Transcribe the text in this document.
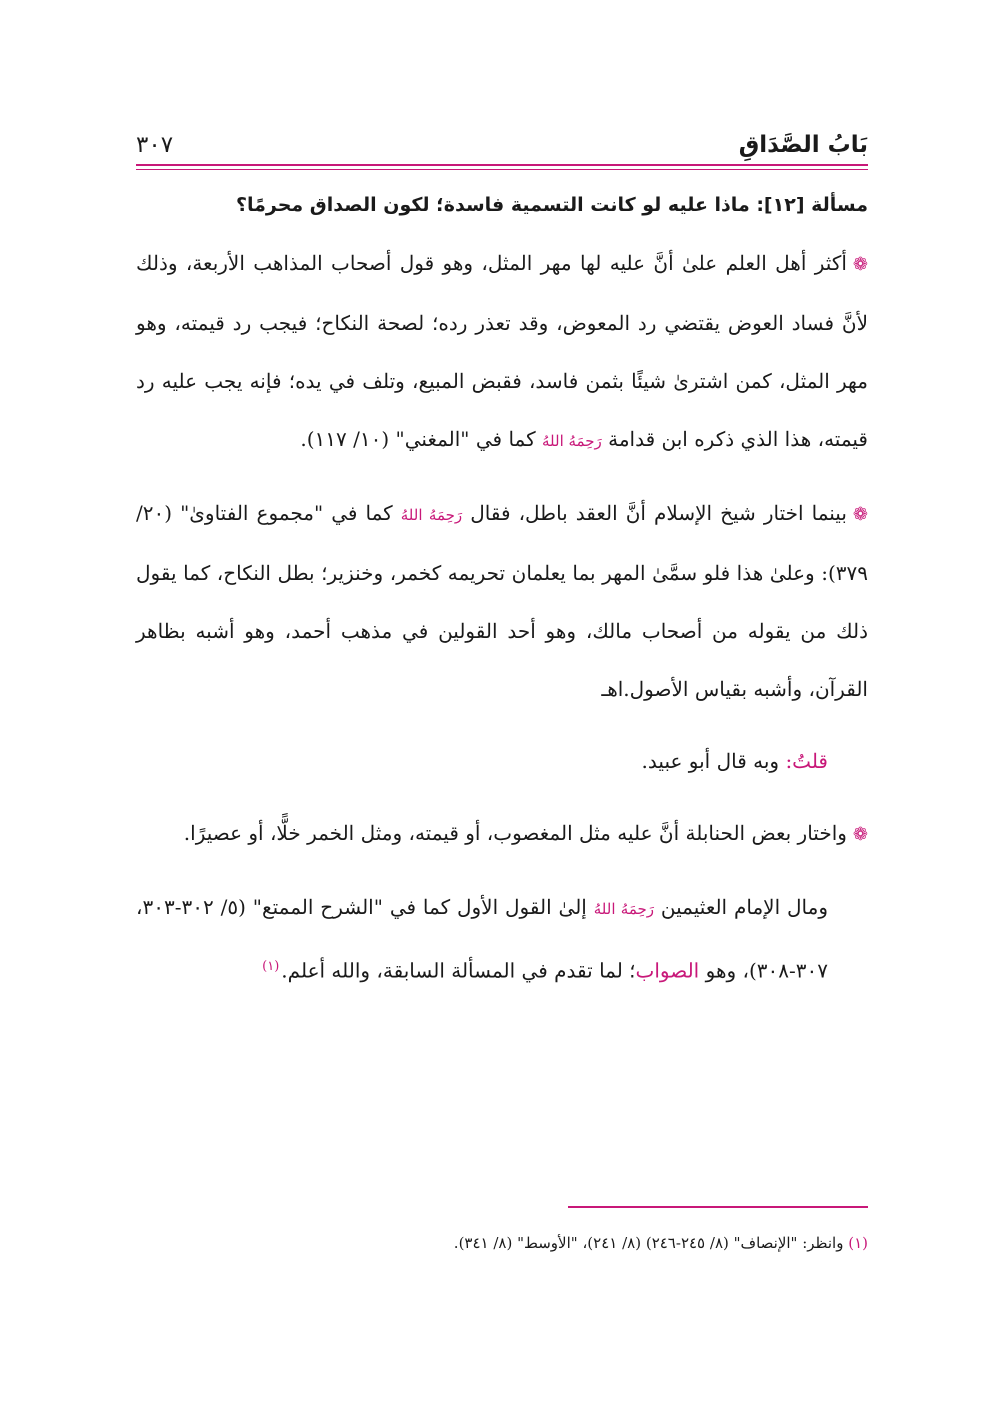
بَابُ الصَّدَاقِ
٣٠٧
مسألة [١٢]: ماذا عليه لو كانت التسمية فاسدة؛ لكون الصداق محرمًا؟

❁أكثر أهل العلم علىٰ أنَّ عليه لها مهر المثل، وهو قول أصحاب المذاهب الأربعة، وذلك لأنَّ فساد العوض يقتضي رد المعوض، وقد تعذر رده؛ لصحة النكاح؛ فيجب رد قيمته، وهو مهر المثل، كمن اشترىٰ شيئًا بثمن فاسد، فقبض المبيع، وتلف في يده؛ فإنه يجب عليه رد قيمته، هذا الذي ذكره ابن قدامة رَحِمَهُ اللهُ كما في "المغني" (١٠/ ١١٧).

❁بينما اختار شيخ الإسلام أنَّ العقد باطل، فقال رَحِمَهُ اللهُ كما في "مجموع الفتاوىٰ" (٢٠/ ٣٧٩): وعلىٰ هذا فلو سمَّىٰ المهر بما يعلمان تحريمه كخمر، وخنزير؛ بطل النكاح، كما يقول ذلك من يقوله من أصحاب مالك، وهو أحد القولين في مذهب أحمد، وهو أشبه بظاهر القرآن، وأشبه بقياس الأصول.اهـ

قلتُ: وبه قال أبو عبيد.

❁واختار بعض الحنابلة أنَّ عليه مثل المغصوب، أو قيمته، ومثل الخمر خلًّا، أو عصيرًا.

ومال الإمام العثيمين رَحِمَهُ اللهُ إلىٰ القول الأول كما في "الشرح الممتع" (٥/ ٣٠٢-٣٠٣، ٣٠٧-٣٠٨)، وهو الصواب؛ لما تقدم في المسألة السابقة، والله أعلم.$^{(١)}$

(١) وانظر: "الإنصاف" (٨/ ٢٤٥-٢٤٦) (٨/ ٢٤١)، "الأوسط" (٨/ ٣٤١).
